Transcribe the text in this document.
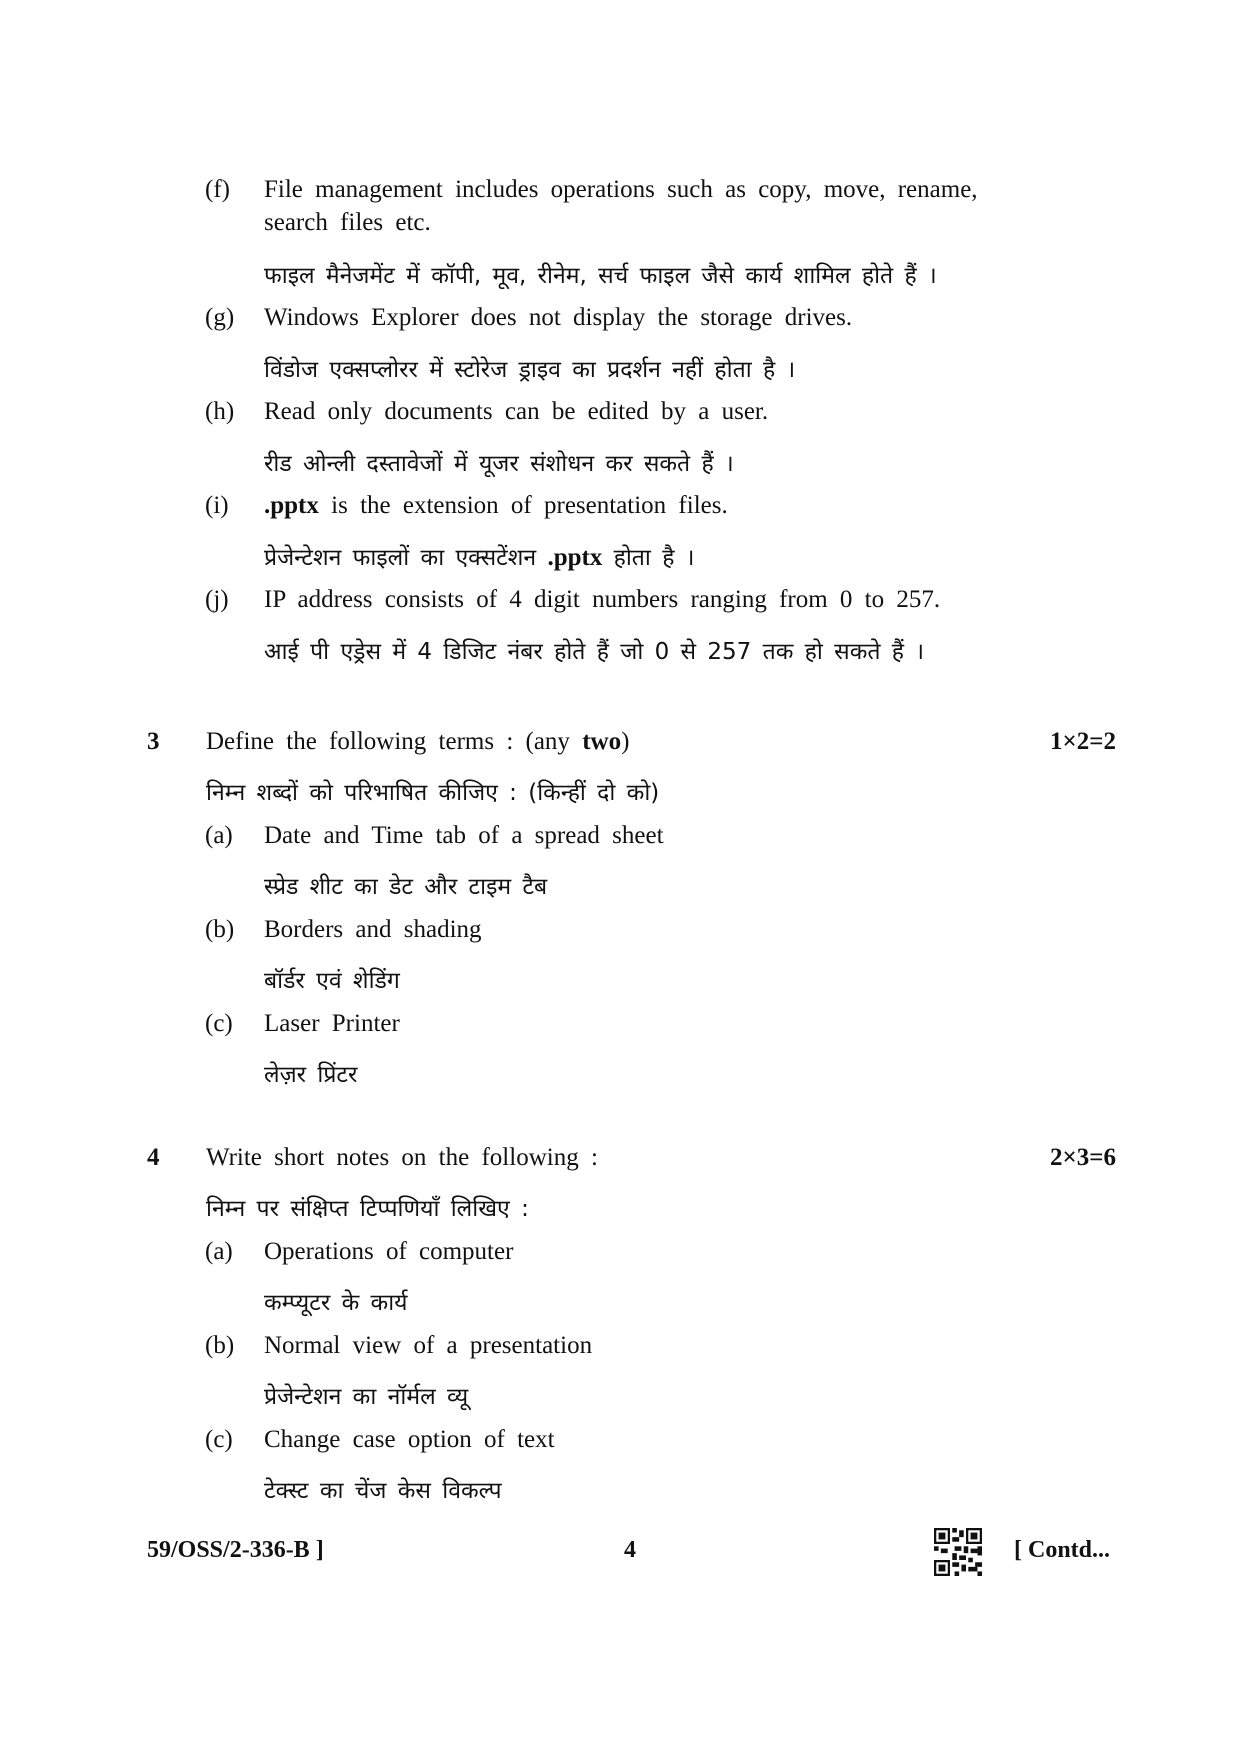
(f) File management includes operations such as copy, move, rename,
search files etc.
फाइल मैनेजमेंट में कॉपी, मूव, रीनेम, सर्च फाइल जैसे कार्य शामिल होते हैं ।
(g) Windows Explorer does not display the storage drives.
विंडोज एक्सप्लोरर में स्टोरेज ड्राइव का प्रदर्शन नहीं होता है ।
(h) Read only documents can be edited by a user.
रीड ओन्ली दस्तावेजों में यूजर संशोधन कर सकते हैं ।
(i) .pptx is the extension of presentation files.
प्रेजेन्टेशन फाइलों का एक्सटेंशन .pptx होता है ।
(j) IP address consists of 4 digit numbers ranging from 0 to 257.
आई पी एड्रेस में 4 डिजिट नंबर होते हैं जो 0 से 257 तक हो सकते हैं ।
3 Define the following terms : (any two)	1×2=2
निम्न शब्दों को परिभाषित कीजिए : (किन्हीं दो को)
(a) Date and Time tab of a spread sheet
स्प्रेड शीट का डेट और टाइम टैब
(b) Borders and shading
बॉर्डर एवं शेडिंग
(c) Laser Printer
लेज़र प्रिंटर
4 Write short notes on the following :	2×3=6
निम्न पर संक्षिप्त टिप्पणियाँ लिखिए :
(a) Operations of computer
कम्प्यूटर के कार्य
(b) Normal view of a presentation
प्रेजेन्टेशन का नॉर्मल व्यू
(c) Change case option of text
टेक्स्ट का चेंज केस विकल्प
59/OSS/2-336-B ]	4	[ Contd...
